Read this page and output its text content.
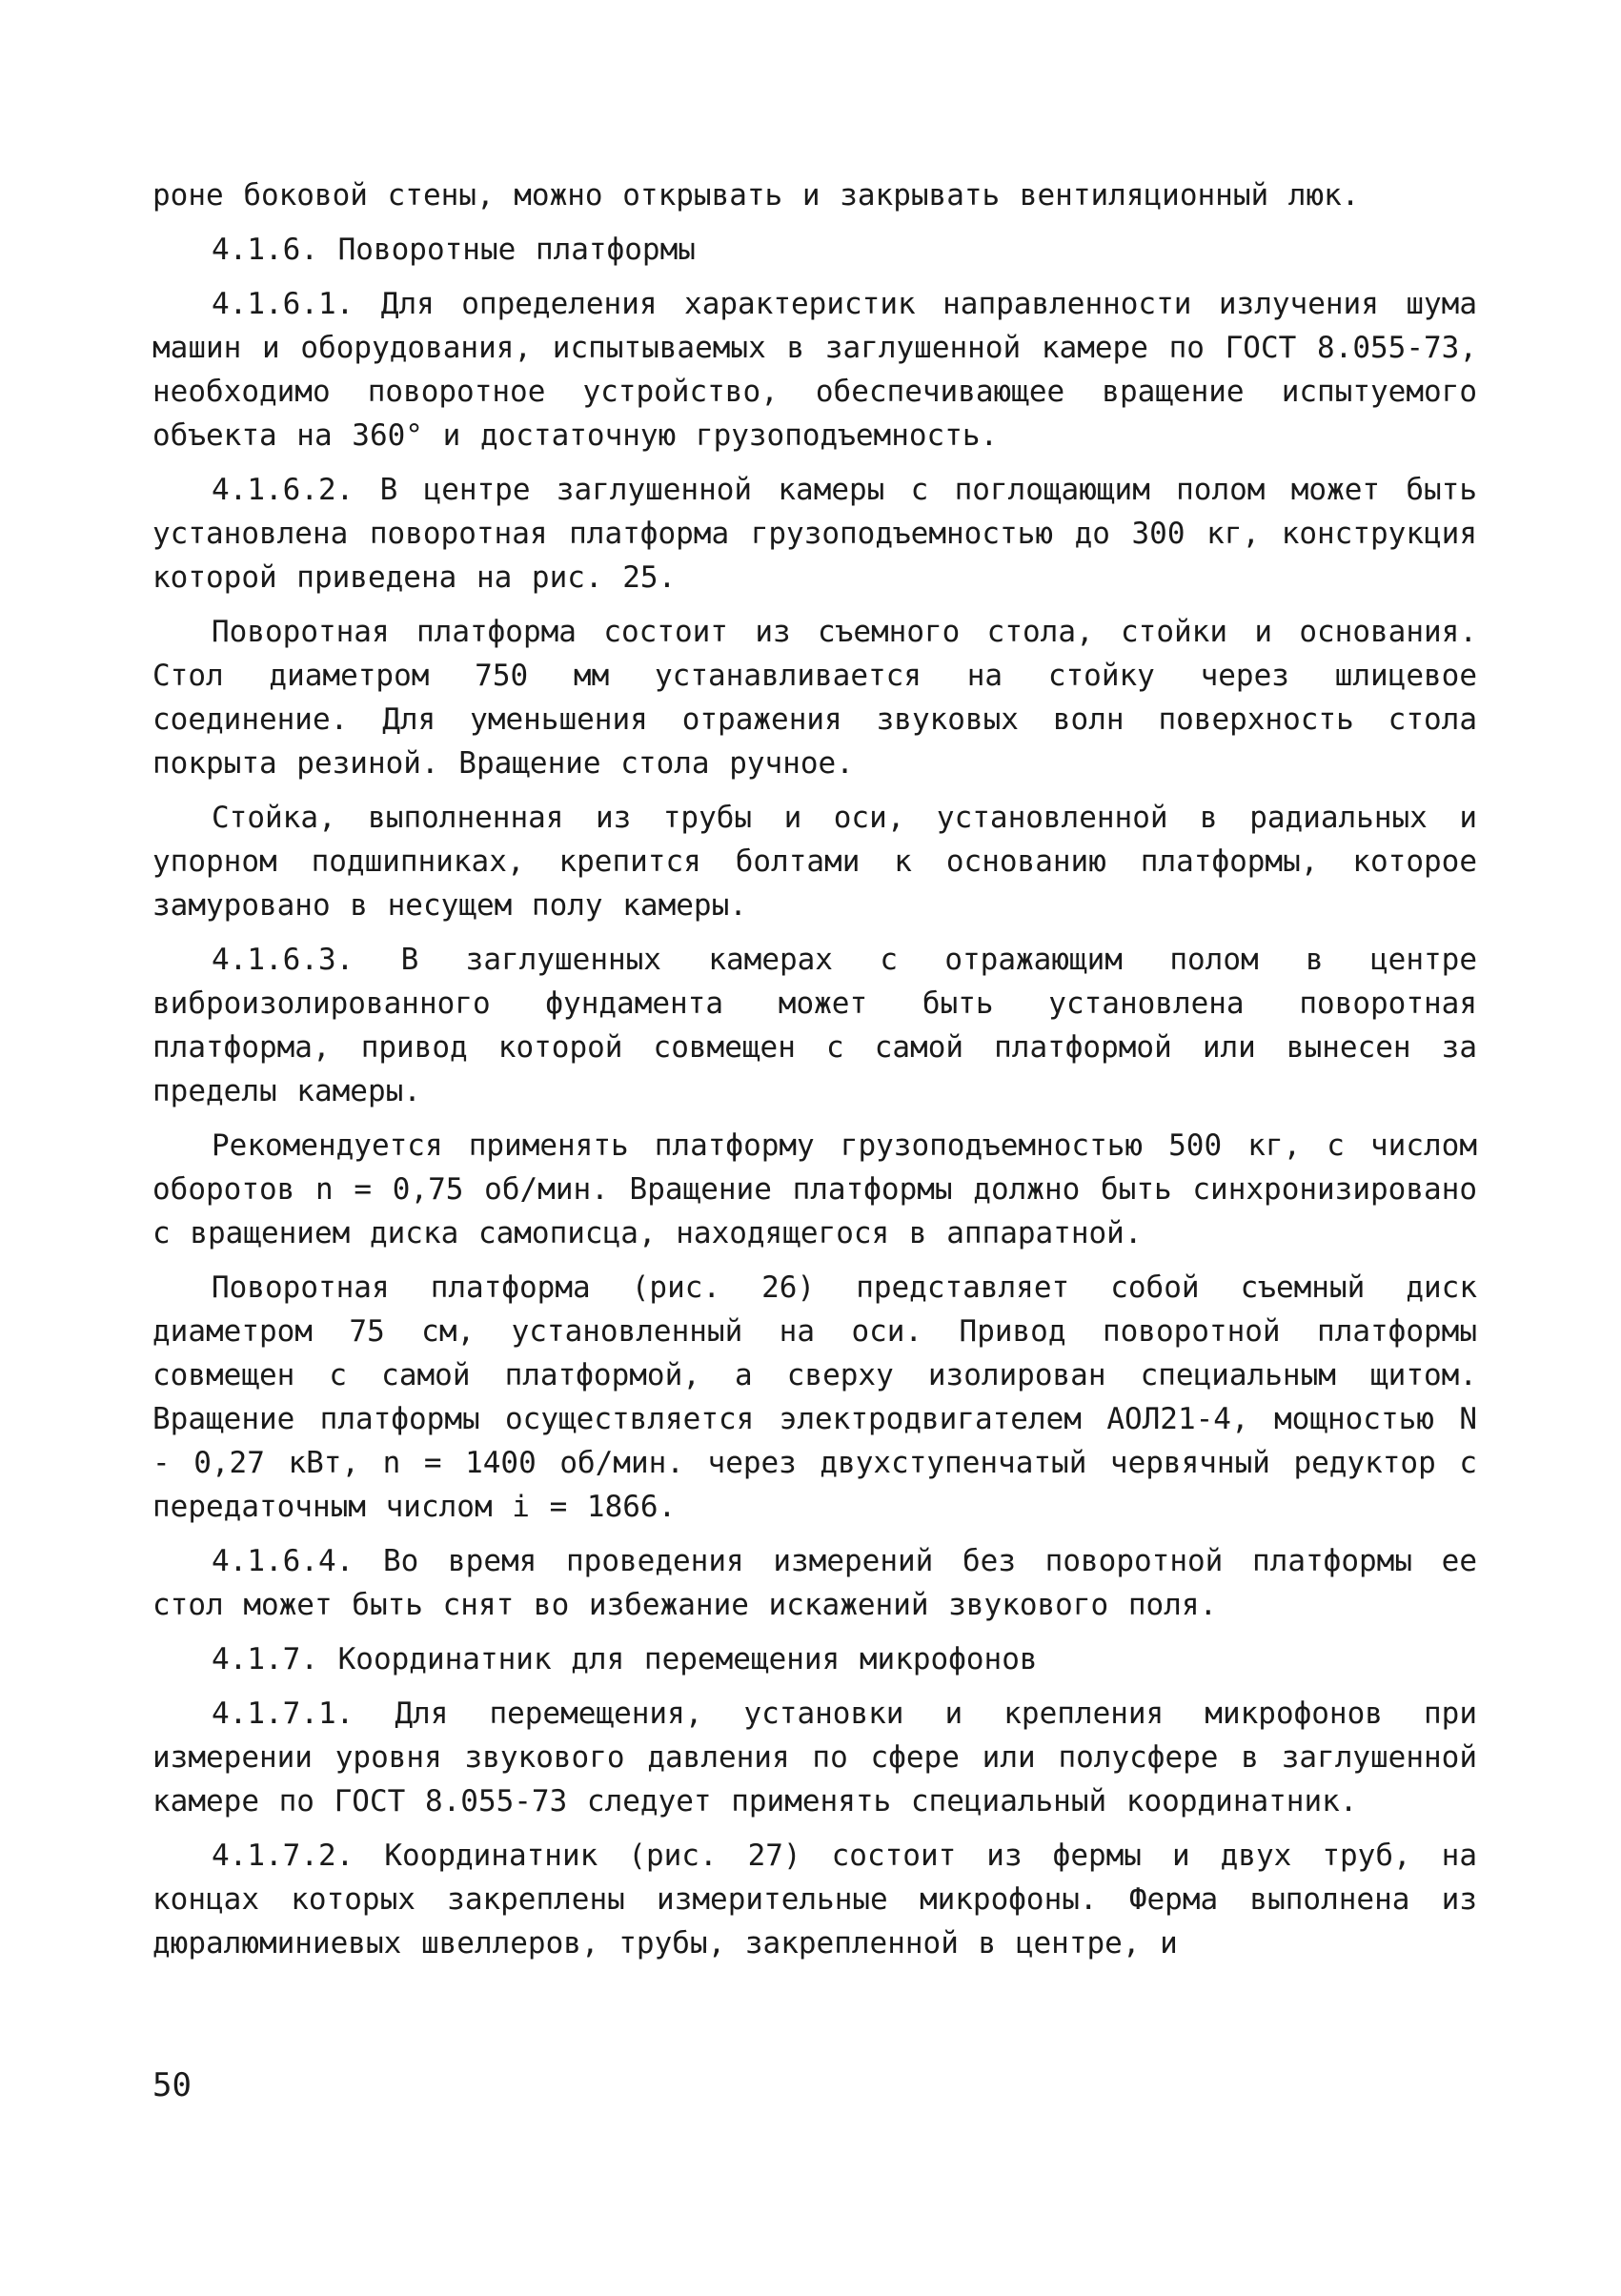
роне боковой стены, можно открывать и закрывать вентиляционный люк.

4.1.6. Поворотные платформы

4.1.6.1. Для определения характеристик направленности излучения шума машин и оборудования, испытываемых в заглушенной камере по ГОСТ 8.055-73, необходимо поворотное устройство, обеспечивающее вращение испытуемого объекта на 360° и достаточную грузоподъемность.

4.1.6.2. В центре заглушенной камеры с поглощающим полом может быть установлена поворотная платформа грузоподъемностью до 300 кг, конструкция которой приведена на рис. 25.

Поворотная платформа состоит из съемного стола, стойки и основания. Стол диаметром 750 мм устанавливается на стойку через шлицевое соединение. Для уменьшения отражения звуковых волн поверхность стола покрыта резиной. Вращение стола ручное.

Стойка, выполненная из трубы и оси, установленной в радиальных и упорном подшипниках, крепится болтами к основанию платформы, которое замуровано в несущем полу камеры.

4.1.6.3. В заглушенных камерах с отражающим полом в центре виброизолированного фундамента может быть установлена поворотная платформа, привод которой совмещен с самой платформой или вынесен за пределы камеры.

Рекомендуется применять платформу грузоподъемностью 500 кг, с числом оборотов n = 0,75 об/мин. Вращение платформы должно быть синхронизировано с вращением диска самописца, находящегося в аппаратной.

Поворотная платформа (рис. 26) представляет собой съемный диск диаметром 75 см, установленный на оси. Привод поворотной платформы совмещен с самой платформой, а сверху изолирован специальным щитом. Вращение платформы осуществляется электродвигателем АОЛ21-4, мощностью N - 0,27 кВт, n = 1400 об/мин. через двухступенчатый червячный редуктор с передаточным числом i = 1866.

4.1.6.4. Во время проведения измерений без поворотной платформы ее стол может быть снят во избежание искажений звукового поля.

4.1.7. Координатник для перемещения микрофонов

4.1.7.1. Для перемещения, установки и крепления микрофонов при измерении уровня звукового давления по сфере или полусфере в заглушенной камере по ГОСТ 8.055-73 следует применять специальный координатник.

4.1.7.2. Координатник (рис. 27) состоит из фермы и двух труб, на концах которых закреплены измерительные микрофоны. Ферма выполнена из дюралюминиевых швеллеров, трубы, закрепленной в центре, и

50
